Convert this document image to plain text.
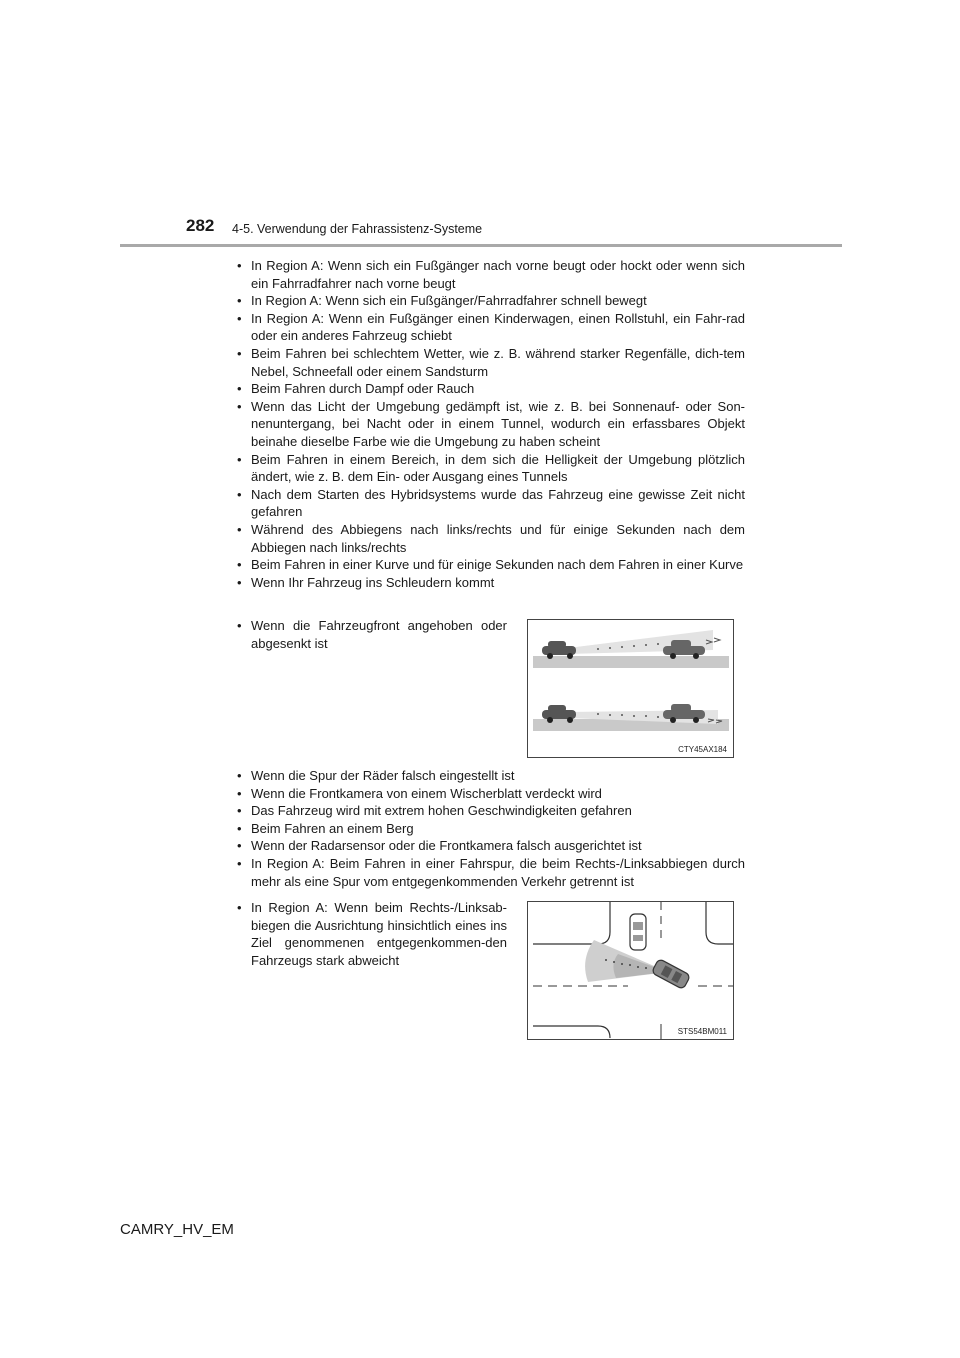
282 4-5. Verwendung der Fahrassistenz-Systeme
• In Region A: Wenn sich ein Fußgänger nach vorne beugt oder hockt oder wenn sich ein Fahrradfahrer nach vorne beugt
• In Region A: Wenn sich ein Fußgänger/Fahrradfahrer schnell bewegt
• In Region A: Wenn ein Fußgänger einen Kinderwagen, einen Rollstuhl, ein Fahr-rad oder ein anderes Fahrzeug schiebt
• Beim Fahren bei schlechtem Wetter, wie z. B. während starker Regenfälle, dich-tem Nebel, Schneefall oder einem Sandsturm
• Beim Fahren durch Dampf oder Rauch
• Wenn das Licht der Umgebung gedämpft ist, wie z. B. bei Sonnenauf- oder Son-nenuntergang, bei Nacht oder in einem Tunnel, wodurch ein erfassbares Objekt beinahe dieselbe Farbe wie die Umgebung zu haben scheint
• Beim Fahren in einem Bereich, in dem sich die Helligkeit der Umgebung plötzlich ändert, wie z. B. dem Ein- oder Ausgang eines Tunnels
• Nach dem Starten des Hybridsystems wurde das Fahrzeug eine gewisse Zeit nicht gefahren
• Während des Abbiegens nach links/rechts und für einige Sekunden nach dem Abbiegen nach links/rechts
• Beim Fahren in einer Kurve und für einige Sekunden nach dem Fahren in einer Kurve
• Wenn Ihr Fahrzeug ins Schleudern kommt
• Wenn die Fahrzeugfront angehoben oder abgesenkt ist
CTY45AX184
• Wenn die Spur der Räder falsch eingestellt ist
• Wenn die Frontkamera von einem Wischerblatt verdeckt wird
• Das Fahrzeug wird mit extrem hohen Geschwindigkeiten gefahren
• Beim Fahren an einem Berg
• Wenn der Radarsensor oder die Frontkamera falsch ausgerichtet ist
• In Region A: Beim Fahren in einer Fahrspur, die beim Rechts-/Linksabbiegen durch mehr als eine Spur vom entgegenkommenden Verkehr getrennt ist
• In Region A: Wenn beim Rechts-/Linksab-biegen die Ausrichtung hinsichtlich eines ins Ziel genommenen entgegenkommen-den Fahrzeugs stark abweicht
STS54BM011
CAMRY_HV_EM
